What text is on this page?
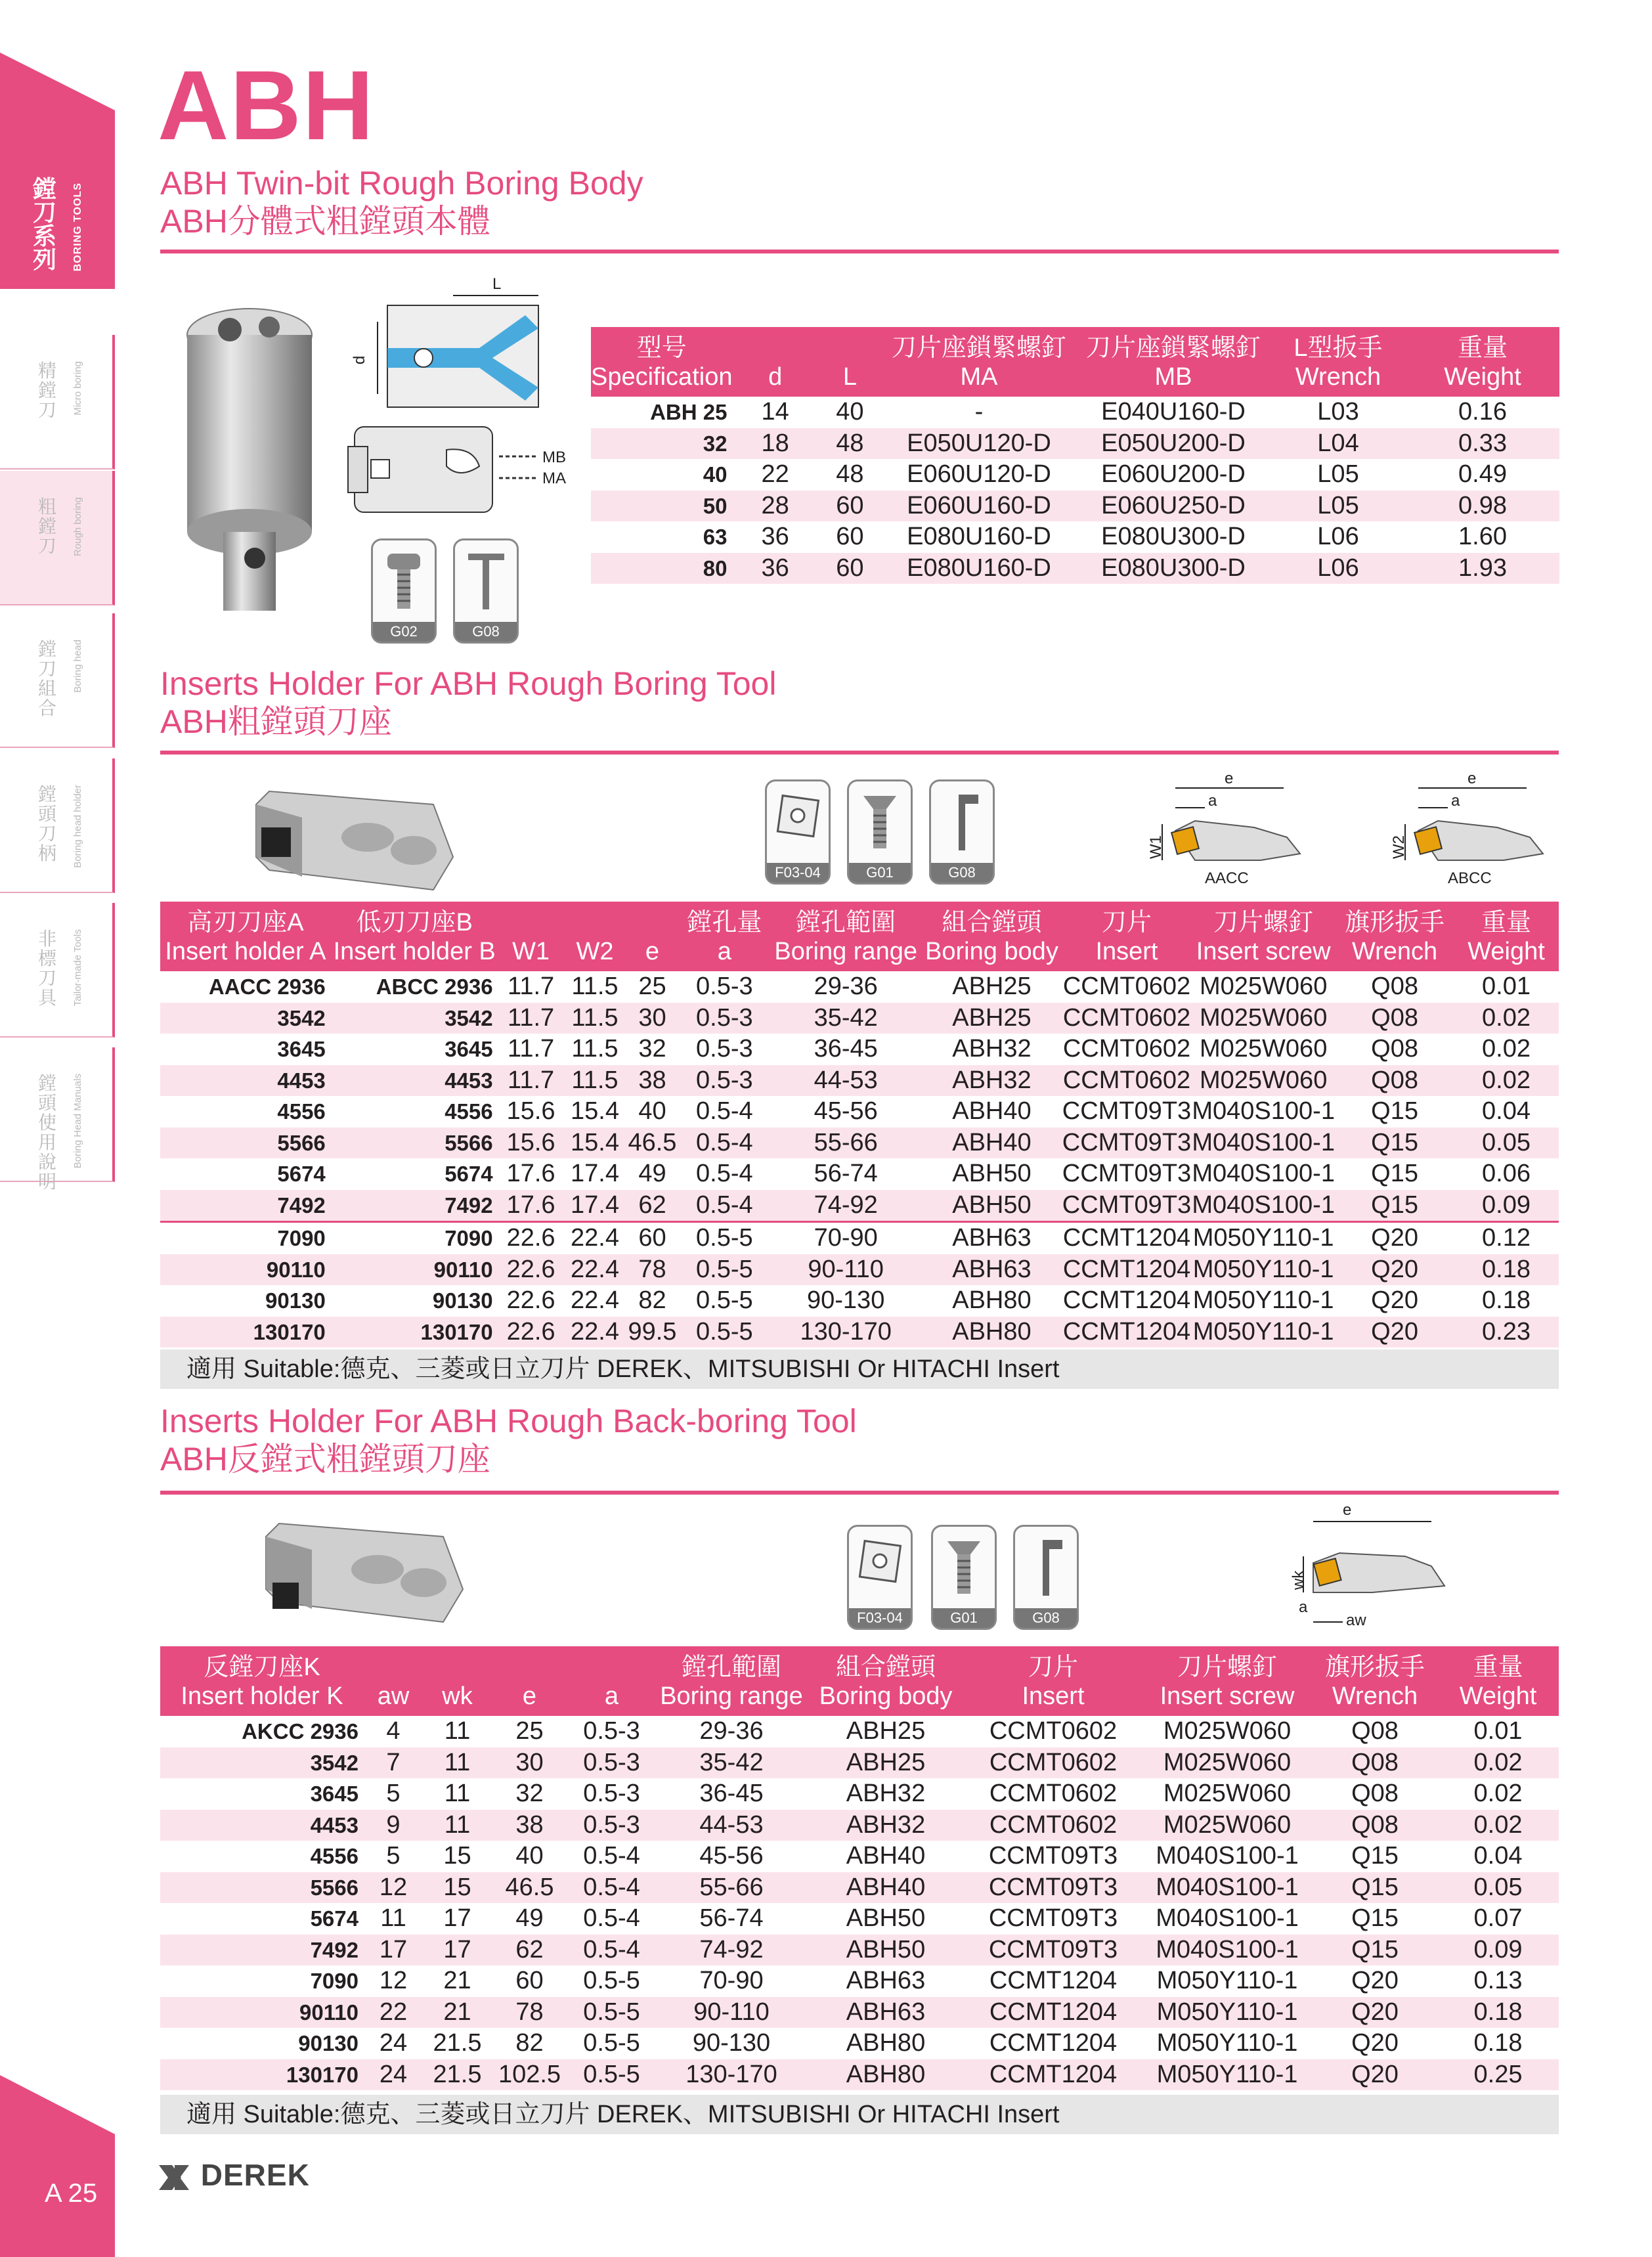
鏜刀系列 BORING TOOLS
精鏜刀	Micro boring
粗鏜刀	Rough boring
鏜刀組合
Boring head
鏜頭刀柄	Boring head holder
非標刀具	Tailor-made Tools
鏜頭使用說明
Boring Head Manuals
A 25
ABH
ABH Twin-bit Rough Boring Body
ABH分體式粗鏜頭本體
L
d
MB
MA
G02	G08
型号			刀片座鎖緊螺釘	刀片座鎖緊螺釘	L型扳手	重量
Specification	d	L	MA	MB	Wrench	Weight
ABH 25	14	40	-	E040U160-D	L03	0.16
32	18	48	E050U120-D	E050U200-D	L04	0.33
40	22	48	E060U120-D	E060U200-D	L05	0.49
50	28	60	E060U160-D	E060U250-D	L05	0.98
63	36	60	E080U160-D	E080U300-D	L06	1.60
80	36	60	E080U160-D	E080U300-D	L06	1.93
Inserts Holder For ABH Rough Boring Tool
ABH粗鏜頭刀座
F03-04	G01	G08
e
a
W1
AACC
e
a
W2
ABCC
高刃刀座A	低刃刀座B				鏜孔量	鏜孔範圍	組合鏜頭	刀片	刀片螺釘	旗形扳手	重量
Insert holder A	Insert holder B	W1	W2	e	a	Boring range	Boring body	Insert	Insert screw	Wrench	Weight
AACC 2936	ABCC 2936	11.7	11.5	25	0.5-3	29-36	ABH25	CCMT0602	M025W060	Q08	0.01
3542	3542	11.7	11.5	30	0.5-3	35-42	ABH25	CCMT0602	M025W060	Q08	0.02
3645	3645	11.7	11.5	32	0.5-3	36-45	ABH32	CCMT0602	M025W060	Q08	0.02
4453	4453	11.7	11.5	38	0.5-3	44-53	ABH32	CCMT0602	M025W060	Q08	0.02
4556	4556	15.6	15.4	40	0.5-4	45-56	ABH40	CCMT09T3	M040S100-1	Q15	0.04
5566	5566	15.6	15.4	46.5	0.5-4	55-66	ABH40	CCMT09T3	M040S100-1	Q15	0.05
5674	5674	17.6	17.4	49	0.5-4	56-74	ABH50	CCMT09T3	M040S100-1	Q15	0.06
7492	7492	17.6	17.4	62	0.5-4	74-92	ABH50	CCMT09T3	M040S100-1	Q15	0.09
7090	7090	22.6	22.4	60	0.5-5	70-90	ABH63	CCMT1204	M050Y110-1	Q20	0.12
90110	90110	22.6	22.4	78	0.5-5	90-110	ABH63	CCMT1204	M050Y110-1	Q20	0.18
90130	90130	22.6	22.4	82	0.5-5	90-130	ABH80	CCMT1204	M050Y110-1	Q20	0.18
130170	130170	22.6	22.4	99.5	0.5-5	130-170	ABH80	CCMT1204	M050Y110-1	Q20	0.23
適用 Suitable:德克、三菱或日立刀片 DEREK、MITSUBISHI Or HITACHI Insert
Inserts Holder For ABH Rough Back-boring Tool
ABH反鏜式粗鏜頭刀座
F03-04	G01	G08
e
wk
a
aw
反鏜刀座K					鏜孔範圍	組合鏜頭	刀片	刀片螺釘	旗形扳手	重量
Insert holder K	aw	wk	e	a	Boring range	Boring body	Insert	Insert screw	Wrench	Weight
AKCC 2936	4	11	25	0.5-3	29-36	ABH25	CCMT0602	M025W060	Q08	0.01
3542	7	11	30	0.5-3	35-42	ABH25	CCMT0602	M025W060	Q08	0.02
3645	5	11	32	0.5-3	36-45	ABH32	CCMT0602	M025W060	Q08	0.02
4453	9	11	38	0.5-3	44-53	ABH32	CCMT0602	M025W060	Q08	0.02
4556	5	15	40	0.5-4	45-56	ABH40	CCMT09T3	M040S100-1	Q15	0.04
5566	12	15	46.5	0.5-4	55-66	ABH40	CCMT09T3	M040S100-1	Q15	0.05
5674	11	17	49	0.5-4	56-74	ABH50	CCMT09T3	M040S100-1	Q15	0.07
7492	17	17	62	0.5-4	74-92	ABH50	CCMT09T3	M040S100-1	Q15	0.09
7090	12	21	60	0.5-5	70-90	ABH63	CCMT1204	M050Y110-1	Q20	0.13
90110	22	21	78	0.5-5	90-110	ABH63	CCMT1204	M050Y110-1	Q20	0.18
90130	24	21.5	82	0.5-5	90-130	ABH80	CCMT1204	M050Y110-1	Q20	0.18
130170	24	21.5	102.5	0.5-5	130-170	ABH80	CCMT1204	M050Y110-1	Q20	0.25
適用 Suitable:德克、三菱或日立刀片 DEREK、MITSUBISHI Or HITACHI Insert
DEREK
